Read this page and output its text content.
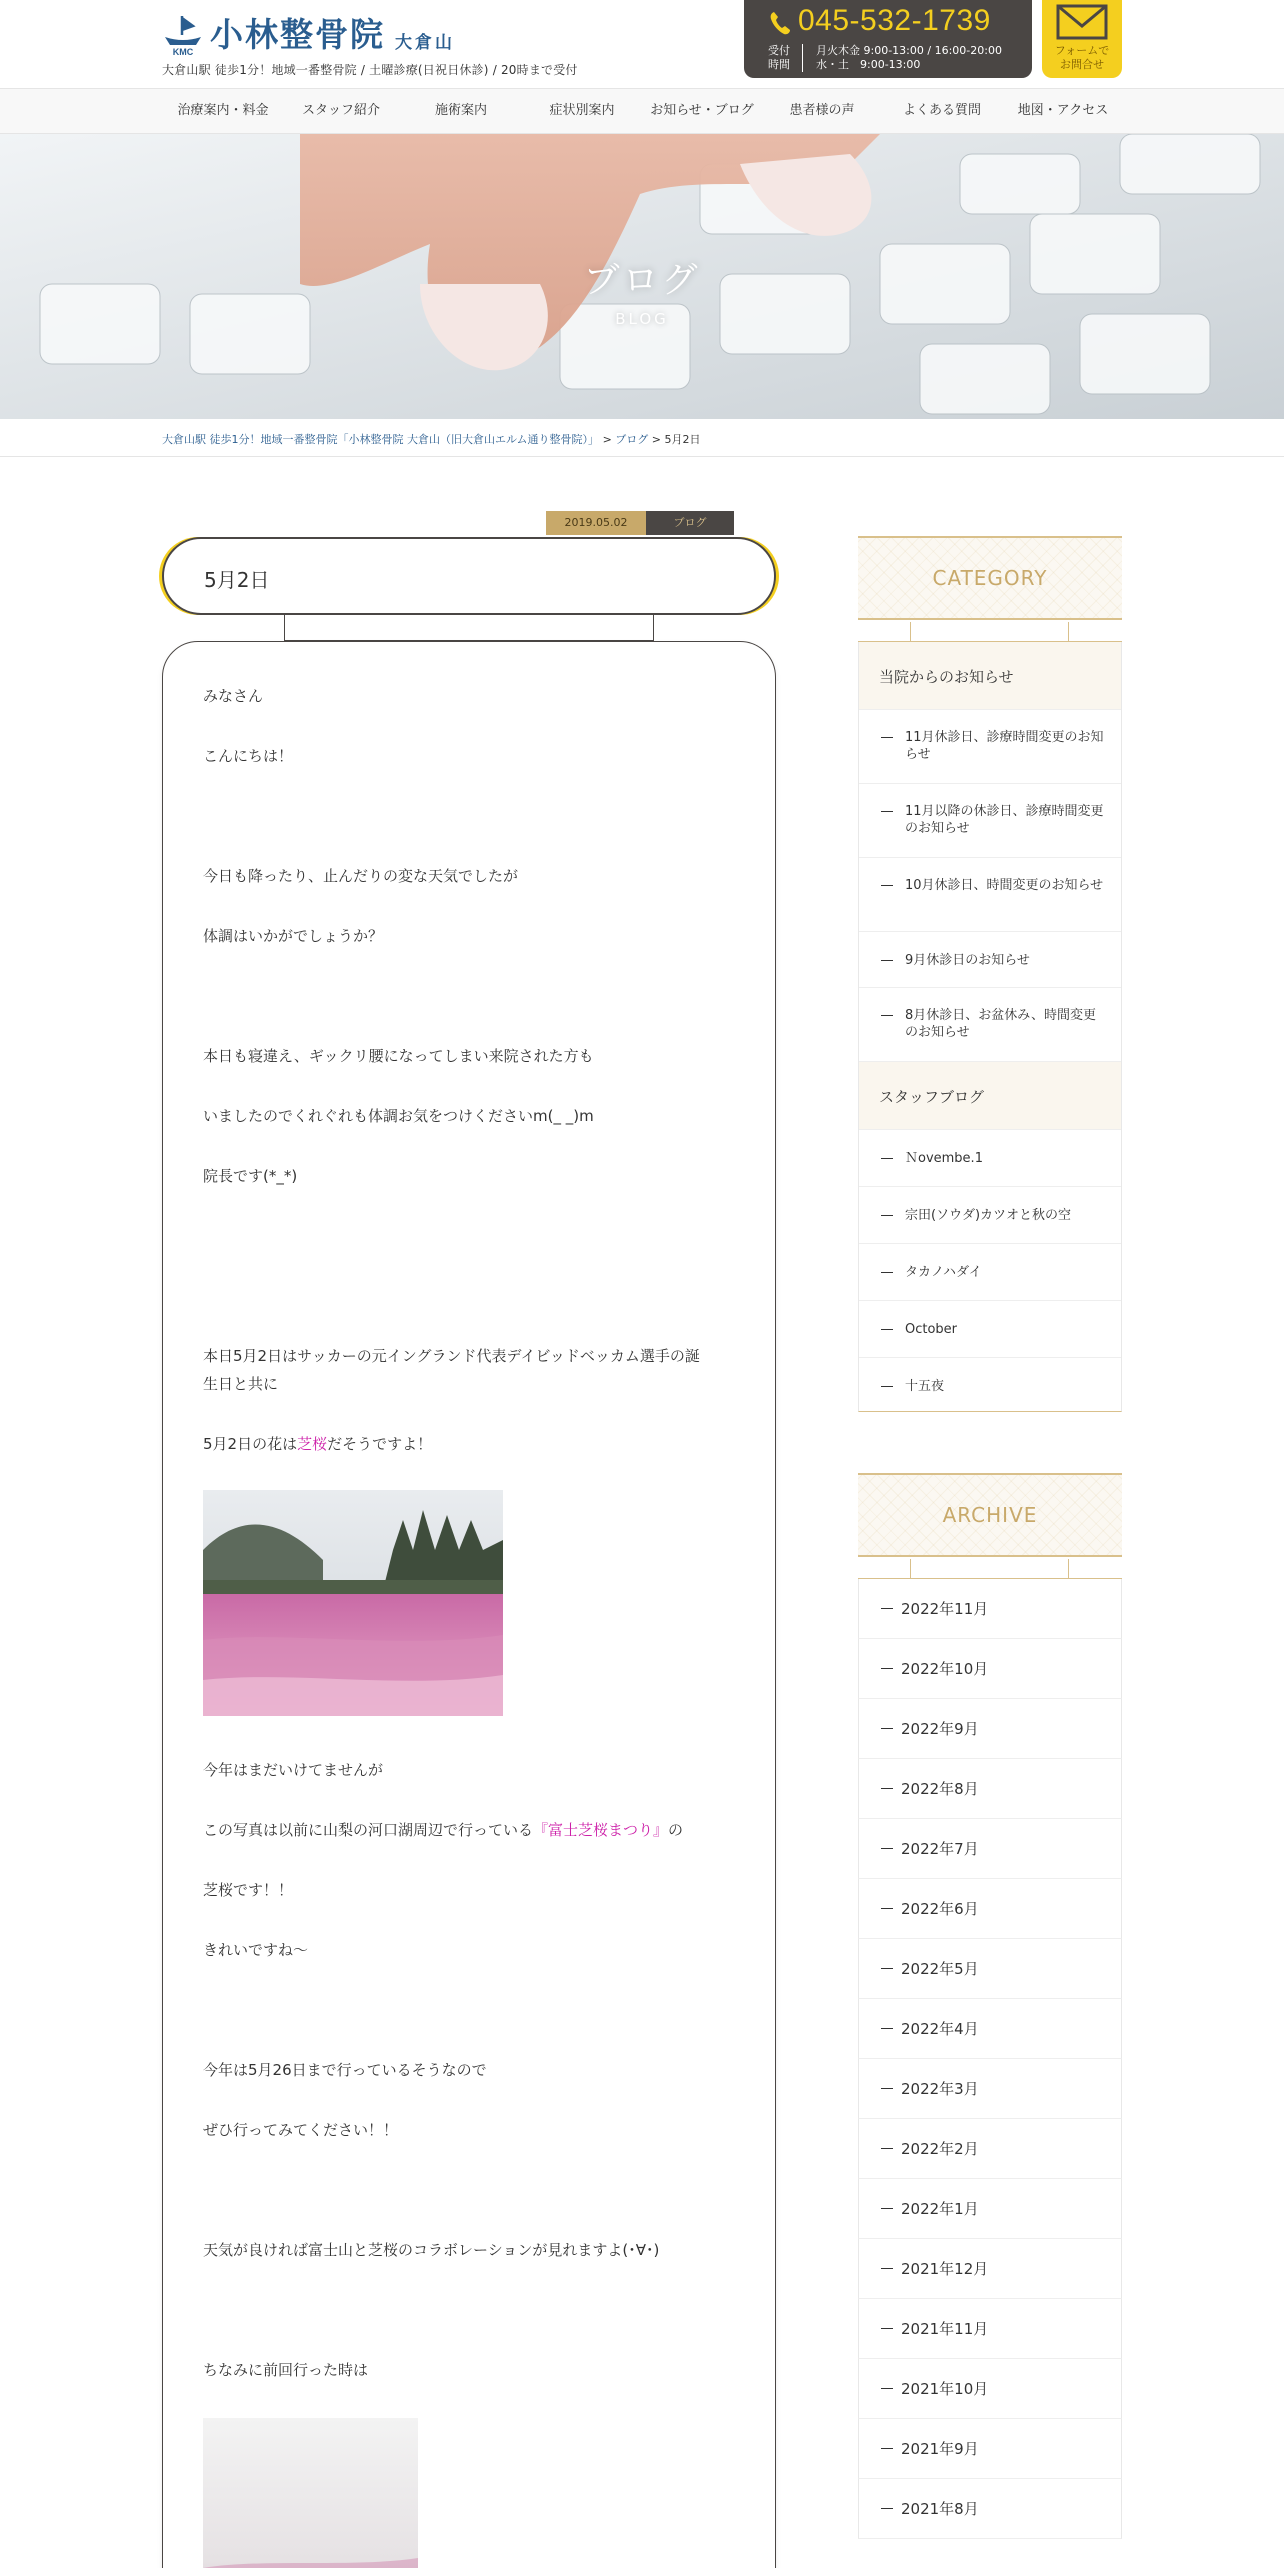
KMC 小林整骨院 大倉山
大倉山駅 徒歩1分！地域一番整骨院 / 土曜診療(日祝日休診) / 20時まで受付
045-532-1739
受付 時間
月火木金 9:00-13:00 / 16:00-20:00
水・土　9:00-13:00
フォームで
お問合せ
治療案内・料金	スタッフ紹介	施術案内	症状別案内	お知らせ・ブログ	患者様の声	よくある質問	地図・アクセス
ブログ
BLOG
大倉山駅 徒歩1分！地域一番整骨院「小林整骨院 大倉山（旧大倉山エルム通り整骨院）」 > ブログ > 5月2日
2019.05.02	ブログ
5月2日
みなさん
こんにちは！
今日も降ったり、止んだりの変な天気でしたが
体調はいかがでしょうか？
本日も寝違え、ギックリ腰になってしまい来院された方も
いましたのでくれぐれも体調お気をつけくださいm(_ _)m
院長です(*_*)
本日5月2日はサッカーの元イングランド代表デイビッドベッカム選手の誕
生日と共に
5月2日の花は芝桜だそうですよ！
今年はまだいけてませんが
この写真は以前に山梨の河口湖周辺で行っている『富士芝桜まつり』の
芝桜です！！
きれいですね～
今年は5月26日まで行っているそうなので
ぜひ行ってみてください！！
天気が良ければ富士山と芝桜のコラボレーションが見れますよ(･∀･)
ちなみに前回行った時は
CATEGORY
当院からのお知らせ
11月休診日、診療時間変更のお知らせ
11月以降の休診日、診療時間変更のお知らせ
10月休診日、時間変更のお知らせ
9月休診日のお知らせ
8月休診日、お盆休み、時間変更のお知らせ
スタッフブログ
Ｎovembe.1
宗田(ソウダ)カツオと秋の空
タカノハダイ
October
十五夜
ARCHIVE
2022年11月
2022年10月
2022年9月
2022年8月
2022年7月
2022年6月
2022年5月
2022年4月
2022年3月
2022年2月
2022年1月
2021年12月
2021年11月
2021年10月
2021年9月
2021年8月
